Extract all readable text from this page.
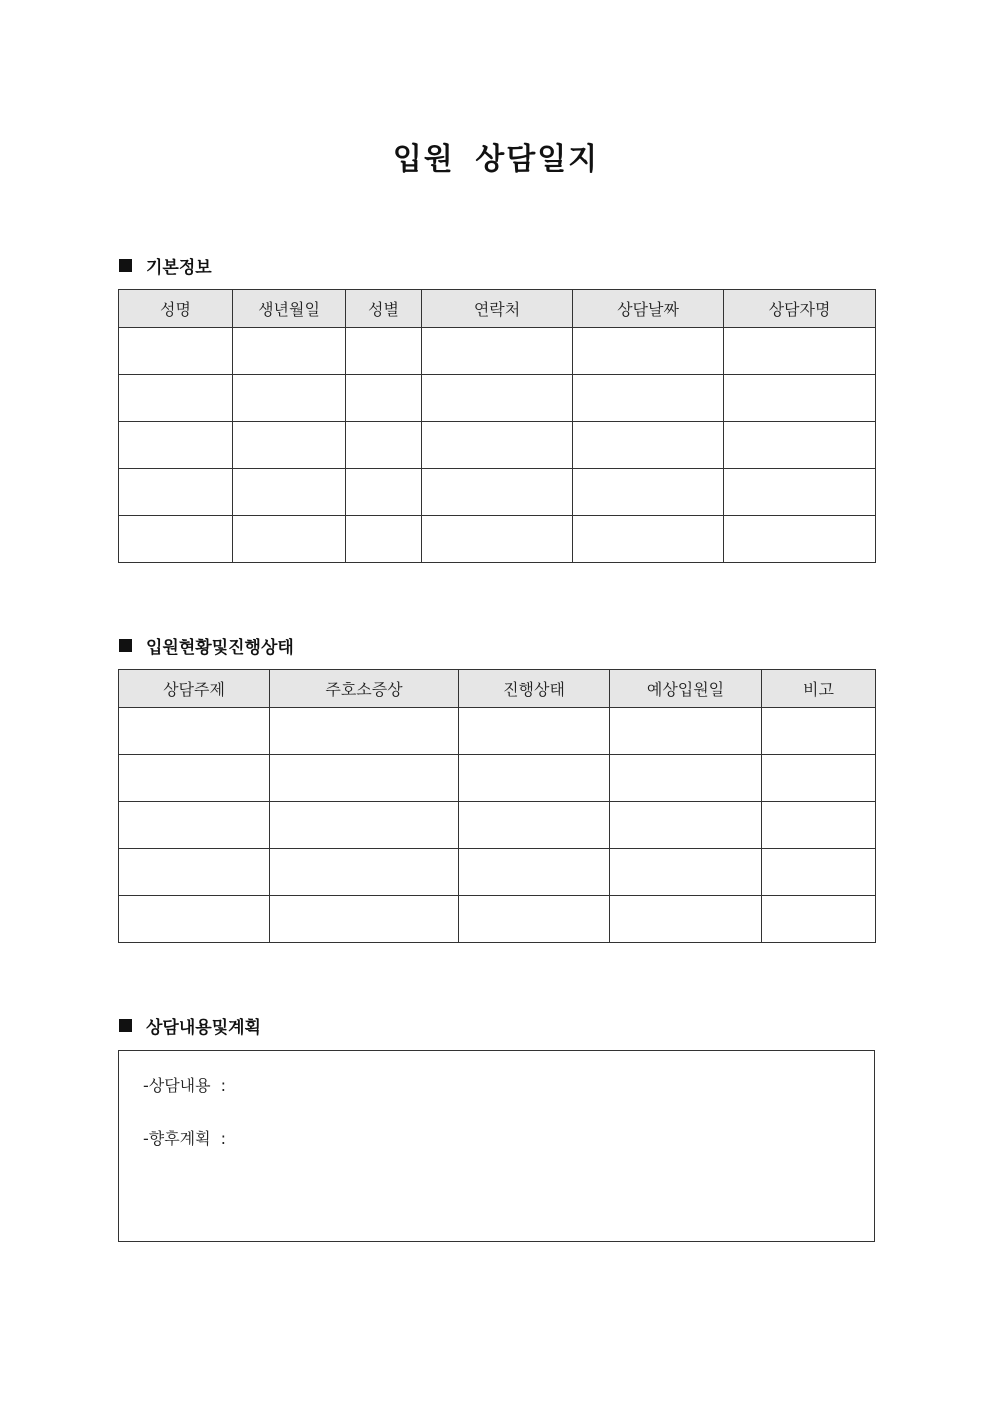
입원 상담일지
기본정보
성명	생년월일	성별	연락처	상담날짜	상담자명

입원현황및진행상태
상담주제	주호소증상	진행상태	예상입원일	비고

상담내용및계획
-상담내용 :
-향후계획 :
